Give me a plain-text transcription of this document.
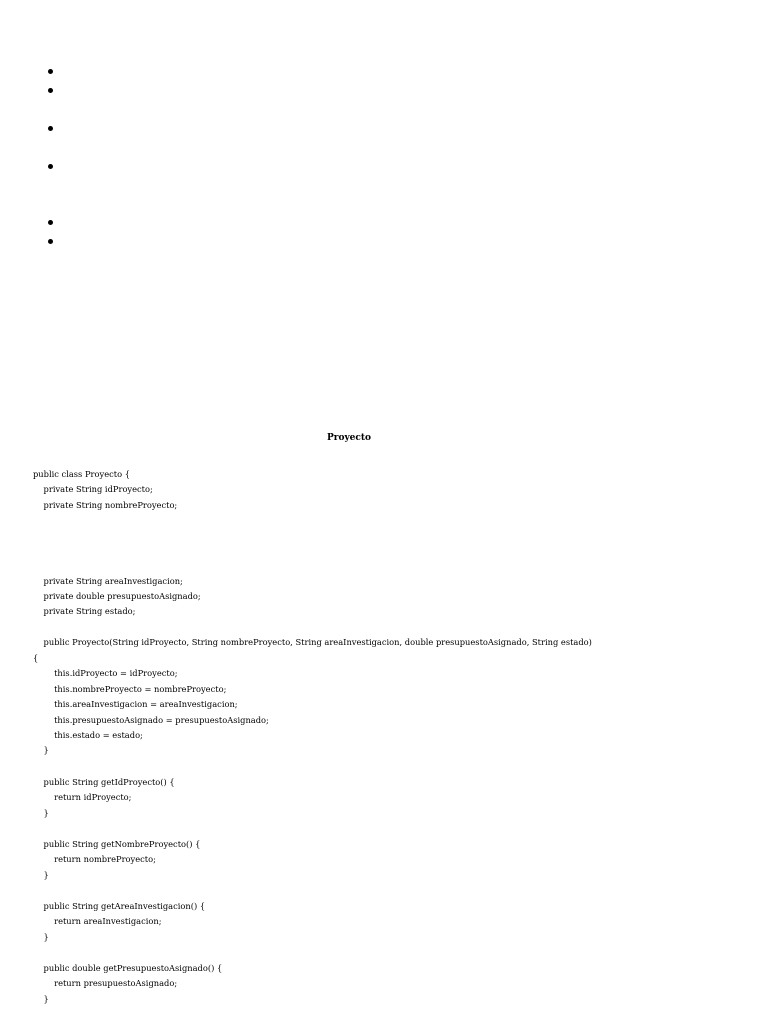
Proyecto
public class Proyecto {
private String idProyecto;
private String nombreProyecto;
private String areaInvestigacion;
private double presupuestoAsignado;
private String estado;
public Proyecto(String idProyecto, String nombreProyecto, String areaInvestigacion, double presupuestoAsignado, String estado)
{
this.idProyecto = idProyecto;
this.nombreProyecto = nombreProyecto;
this.areaInvestigacion = areaInvestigacion;
this.presupuestoAsignado = presupuestoAsignado;
this.estado = estado;
}
public String getIdProyecto() {
return idProyecto;
}
public String getNombreProyecto() {
return nombreProyecto;
}
public String getAreaInvestigacion() {
return areaInvestigacion;
}
public double getPresupuestoAsignado() {
return presupuestoAsignado;
}
